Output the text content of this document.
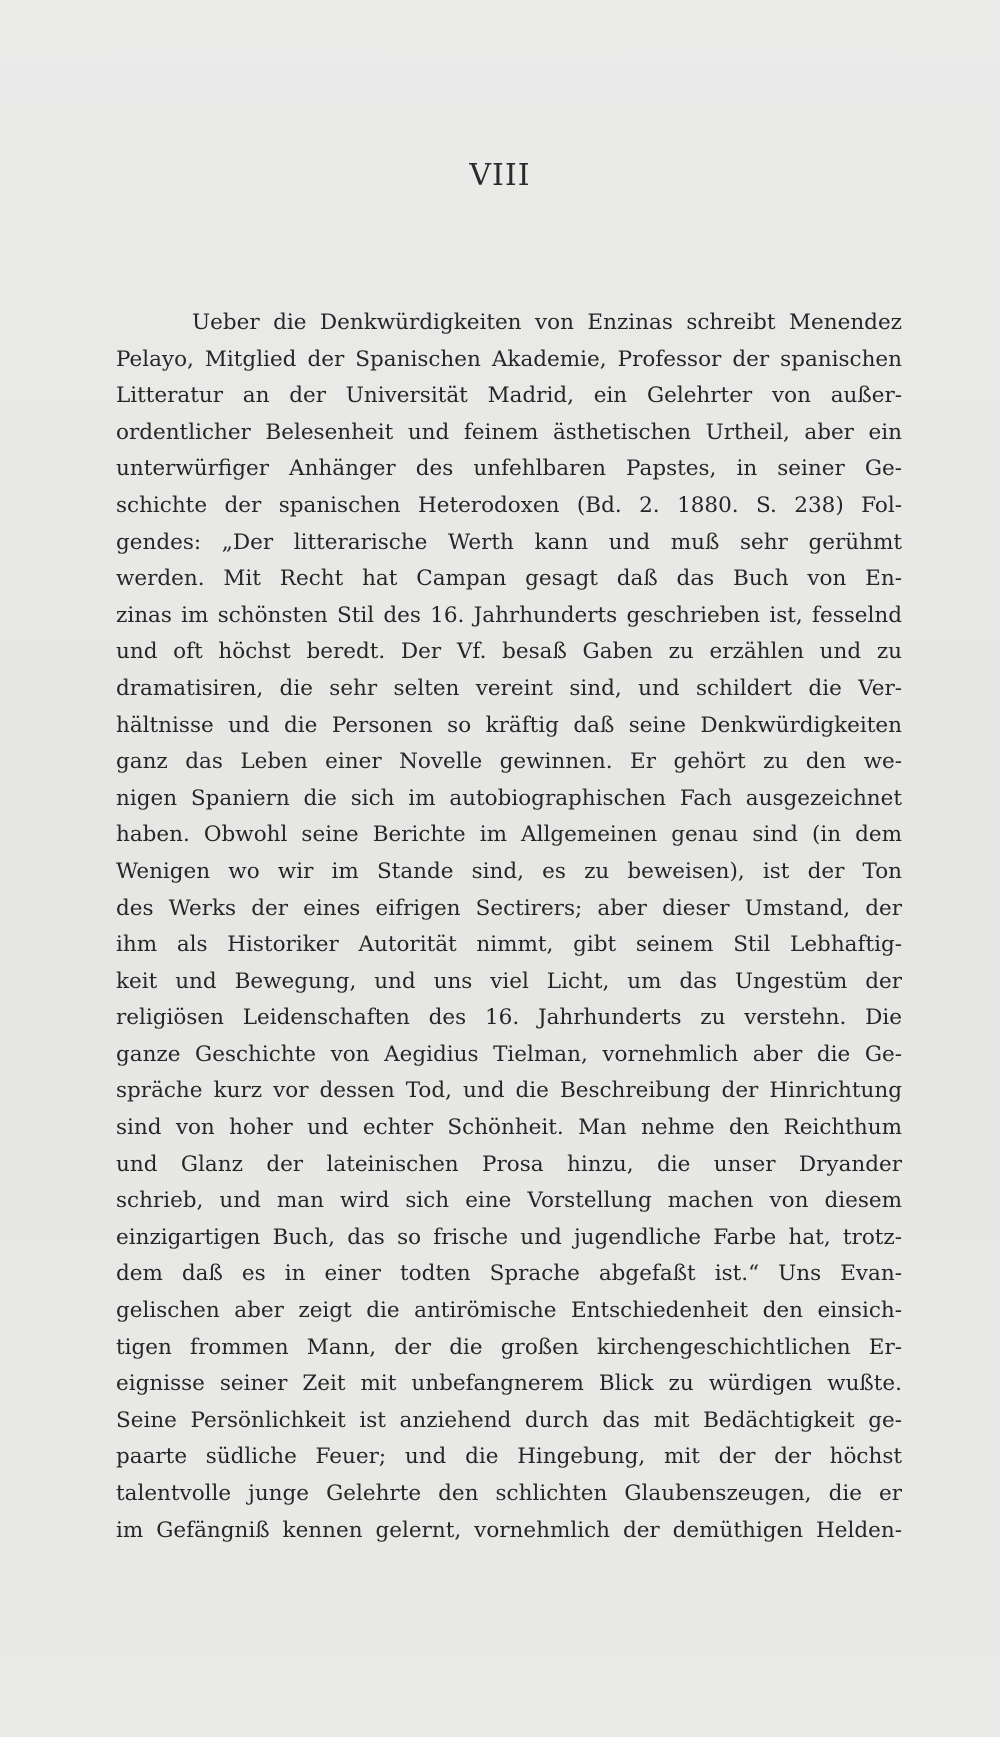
VIII
Ueber die Denkwürdigkeiten von Enzinas schreibt Menendez
Pelayo, Mitglied der Spanischen Akademie, Professor der spanischen
Litteratur an der Universität Madrid, ein Gelehrter von außer-
ordentlicher Belesenheit und feinem ästhetischen Urtheil, aber ein
unterwürfiger Anhänger des unfehlbaren Papstes, in seiner Ge-
schichte der spanischen Heterodoxen (Bd. 2. 1880. S. 238) Fol-
gendes: „Der litterarische Werth kann und muß sehr gerühmt
werden. Mit Recht hat Campan gesagt daß das Buch von En-
zinas im schönsten Stil des 16. Jahrhunderts geschrieben ist, fesselnd
und oft höchst beredt. Der Vf. besaß Gaben zu erzählen und zu
dramatisiren, die sehr selten vereint sind, und schildert die Ver-
hältnisse und die Personen so kräftig daß seine Denkwürdigkeiten
ganz das Leben einer Novelle gewinnen. Er gehört zu den we-
nigen Spaniern die sich im autobiographischen Fach ausgezeichnet
haben. Obwohl seine Berichte im Allgemeinen genau sind (in dem
Wenigen wo wir im Stande sind, es zu beweisen), ist der Ton
des Werks der eines eifrigen Sectirers; aber dieser Umstand, der
ihm als Historiker Autorität nimmt, gibt seinem Stil Lebhaftig-
keit und Bewegung, und uns viel Licht, um das Ungestüm der
religiösen Leidenschaften des 16. Jahrhunderts zu verstehn. Die
ganze Geschichte von Aegidius Tielman, vornehmlich aber die Ge-
spräche kurz vor dessen Tod, und die Beschreibung der Hinrichtung
sind von hoher und echter Schönheit. Man nehme den Reichthum
und Glanz der lateinischen Prosa hinzu, die unser Dryander
schrieb, und man wird sich eine Vorstellung machen von diesem
einzigartigen Buch, das so frische und jugendliche Farbe hat, trotz-
dem daß es in einer todten Sprache abgefaßt ist.“ Uns Evan-
gelischen aber zeigt die antirömische Entschiedenheit den einsich-
tigen frommen Mann, der die großen kirchengeschichtlichen Er-
eignisse seiner Zeit mit unbefangnerem Blick zu würdigen wußte.
Seine Persönlichkeit ist anziehend durch das mit Bedächtigkeit ge-
paarte südliche Feuer; und die Hingebung, mit der der höchst
talentvolle junge Gelehrte den schlichten Glaubenszeugen, die er
im Gefängniß kennen gelernt, vornehmlich der demüthigen Helden-
